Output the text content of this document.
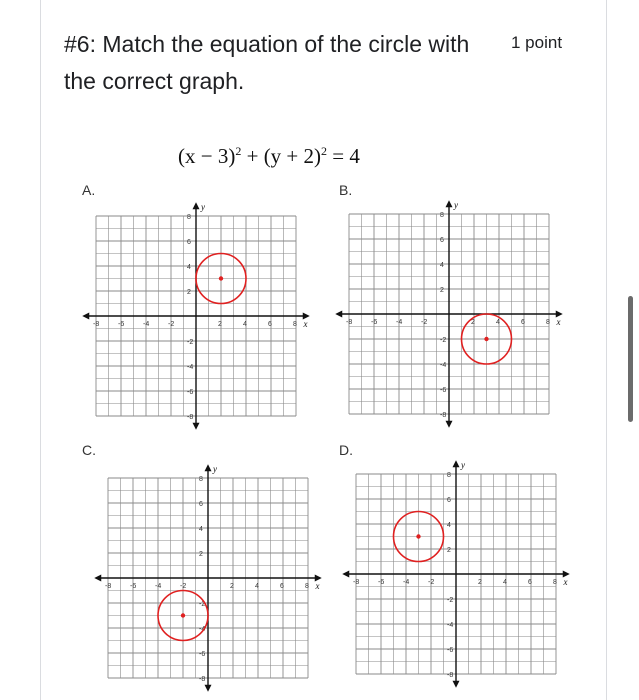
#6: Match the equation of the circle with the correct graph.
1 point
$(x - 3)^2 + (y + 2)^2 = 4$
A.	B.
C.	D.
x
y
-8	-6	-4	-2	2	4	6	8
8
6
4
2
-2
-4
-6
-8
x
y
-8	-6	-4	-2	2	4	6	8
8
6
4
2
-2
-4
-6
-8
x
y
-8	-6	-4	-2	2	4	6	8
8
6
4
2
-2
-4
-6
-8
x
y
-8	-6	-4	-2	2	4	6	8
8
6
4
2
-2
-4
-6
-8
